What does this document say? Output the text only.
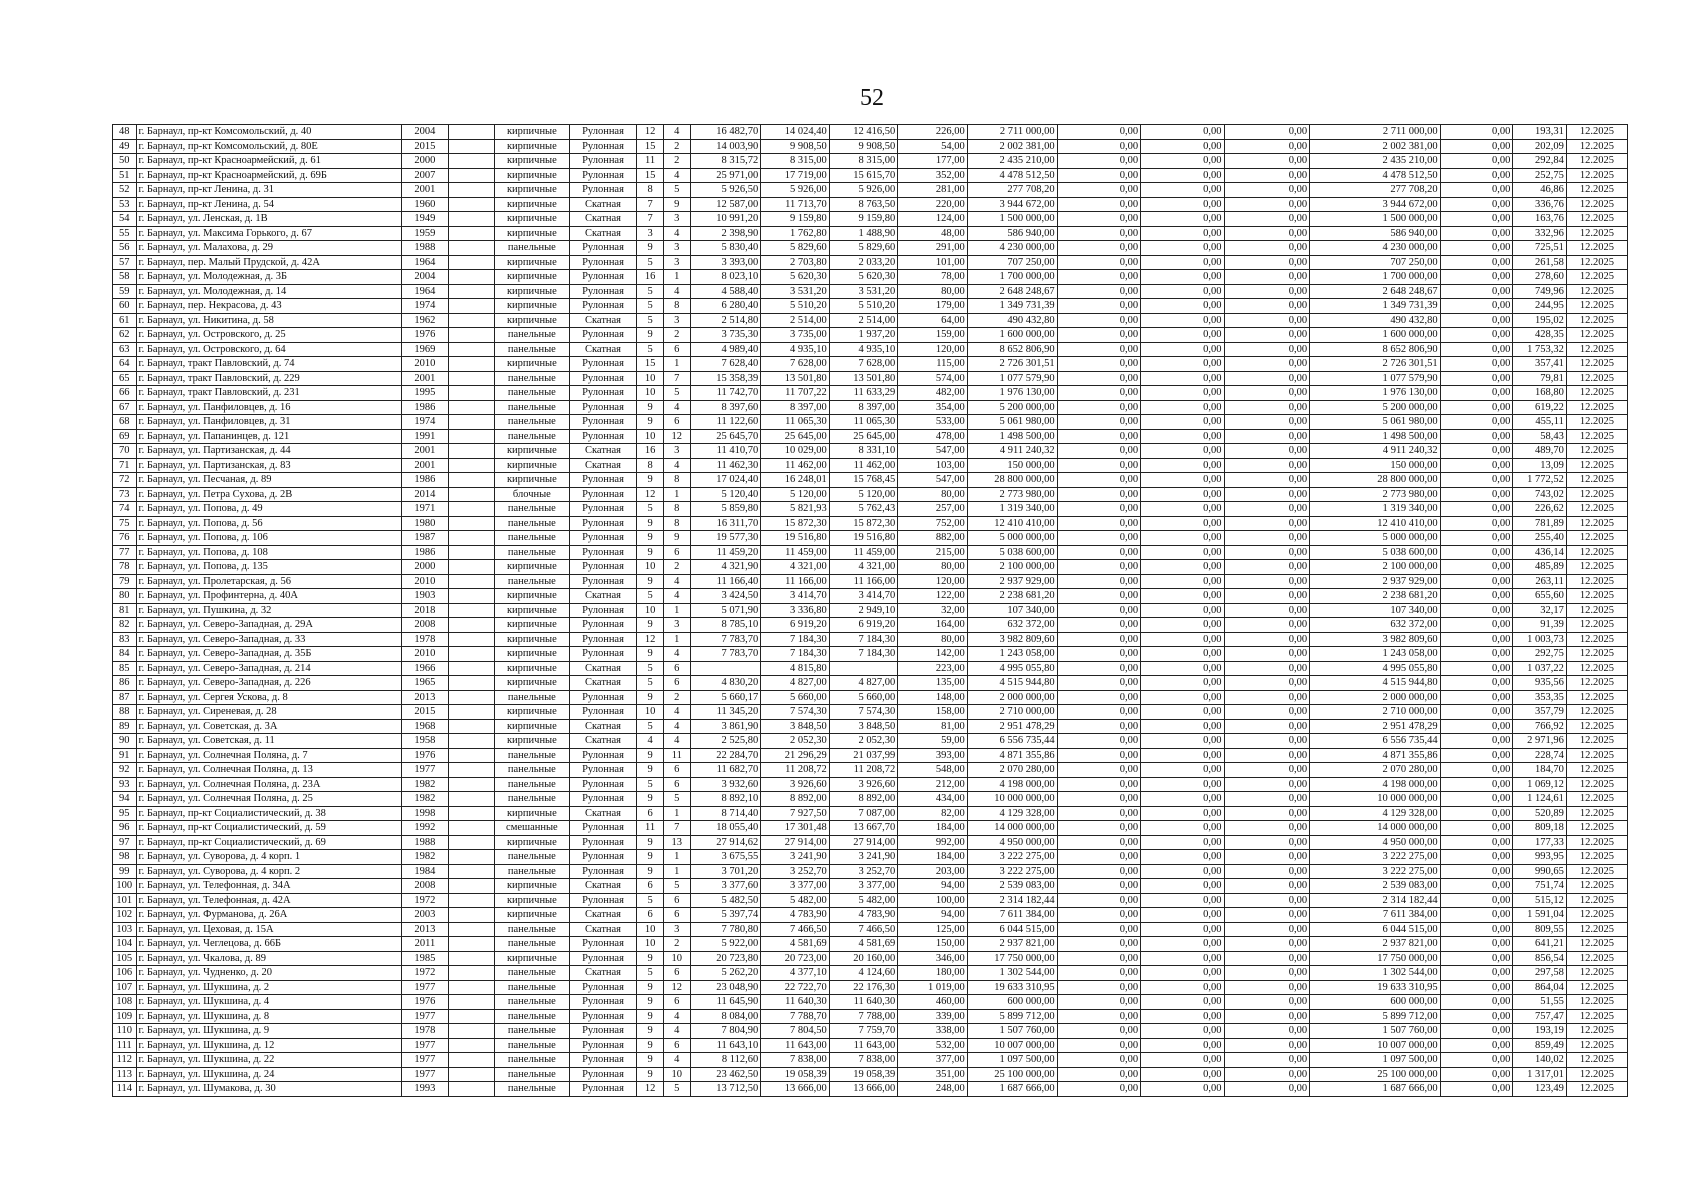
52
48	г. Барнаул, пр-кт Комсомольский, д. 40	2004		кирпичные	Рулонная	12	4	16 482,70	14 024,40	12 416,50	226,00	2 711 000,00	0,00	0,00	0,00	2 711 000,00	0,00	193,31	12.2025
49	г. Барнаул, пр-кт Комсомольский, д. 80Е	2015		кирпичные	Рулонная	15	2	14 003,90	9 908,50	9 908,50	54,00	2 002 381,00	0,00	0,00	0,00	2 002 381,00	0,00	202,09	12.2025
50	г. Барнаул, пр-кт Красноармейский, д. 61	2000		кирпичные	Рулонная	11	2	8 315,72	8 315,00	8 315,00	177,00	2 435 210,00	0,00	0,00	0,00	2 435 210,00	0,00	292,84	12.2025
51	г. Барнаул, пр-кт Красноармейский, д. 69Б	2007		кирпичные	Рулонная	15	4	25 971,00	17 719,00	15 615,70	352,00	4 478 512,50	0,00	0,00	0,00	4 478 512,50	0,00	252,75	12.2025
52	г. Барнаул, пр-кт Ленина, д. 31	2001		кирпичные	Рулонная	8	5	5 926,50	5 926,00	5 926,00	281,00	277 708,20	0,00	0,00	0,00	277 708,20	0,00	46,86	12.2025
53	г. Барнаул, пр-кт Ленина, д. 54	1960		кирпичные	Скатная	7	9	12 587,00	11 713,70	8 763,50	220,00	3 944 672,00	0,00	0,00	0,00	3 944 672,00	0,00	336,76	12.2025
54	г. Барнаул, ул. Ленская, д. 1В	1949		кирпичные	Скатная	7	3	10 991,20	9 159,80	9 159,80	124,00	1 500 000,00	0,00	0,00	0,00	1 500 000,00	0,00	163,76	12.2025
55	г. Барнаул, ул. Максима Горького, д. 67	1959		кирпичные	Скатная	3	4	2 398,90	1 762,80	1 488,90	48,00	586 940,00	0,00	0,00	0,00	586 940,00	0,00	332,96	12.2025
56	г. Барнаул, ул. Малахова, д. 29	1988		панельные	Рулонная	9	3	5 830,40	5 829,60	5 829,60	291,00	4 230 000,00	0,00	0,00	0,00	4 230 000,00	0,00	725,51	12.2025
57	г. Барнаул, пер. Малый Прудской, д. 42А	1964		кирпичные	Рулонная	5	3	3 393,00	2 703,80	2 033,20	101,00	707 250,00	0,00	0,00	0,00	707 250,00	0,00	261,58	12.2025
58	г. Барнаул, ул. Молодежная, д. 3Б	2004		кирпичные	Рулонная	16	1	8 023,10	5 620,30	5 620,30	78,00	1 700 000,00	0,00	0,00	0,00	1 700 000,00	0,00	278,60	12.2025
59	г. Барнаул, ул. Молодежная, д. 14	1964		кирпичные	Рулонная	5	4	4 588,40	3 531,20	3 531,20	80,00	2 648 248,67	0,00	0,00	0,00	2 648 248,67	0,00	749,96	12.2025
60	г. Барнаул, пер. Некрасова, д. 43	1974		кирпичные	Рулонная	5	8	6 280,40	5 510,20	5 510,20	179,00	1 349 731,39	0,00	0,00	0,00	1 349 731,39	0,00	244,95	12.2025
61	г. Барнаул, ул. Никитина, д. 58	1962		кирпичные	Скатная	5	3	2 514,80	2 514,00	2 514,00	64,00	490 432,80	0,00	0,00	0,00	490 432,80	0,00	195,02	12.2025
62	г. Барнаул, ул. Островского, д. 25	1976		панельные	Рулонная	9	2	3 735,30	3 735,00	1 937,20	159,00	1 600 000,00	0,00	0,00	0,00	1 600 000,00	0,00	428,35	12.2025
63	г. Барнаул, ул. Островского, д. 64	1969		панельные	Скатная	5	6	4 989,40	4 935,10	4 935,10	120,00	8 652 806,90	0,00	0,00	0,00	8 652 806,90	0,00	1 753,32	12.2025
64	г. Барнаул, тракт Павловский, д. 74	2010		кирпичные	Рулонная	15	1	7 628,40	7 628,00	7 628,00	115,00	2 726 301,51	0,00	0,00	0,00	2 726 301,51	0,00	357,41	12.2025
65	г. Барнаул, тракт Павловский, д. 229	2001		панельные	Рулонная	10	7	15 358,39	13 501,80	13 501,80	574,00	1 077 579,90	0,00	0,00	0,00	1 077 579,90	0,00	79,81	12.2025
66	г. Барнаул, тракт Павловский, д. 231	1995		панельные	Рулонная	10	5	11 742,70	11 707,22	11 633,29	482,00	1 976 130,00	0,00	0,00	0,00	1 976 130,00	0,00	168,80	12.2025
67	г. Барнаул, ул. Панфиловцев, д. 16	1986		панельные	Рулонная	9	4	8 397,60	8 397,00	8 397,00	354,00	5 200 000,00	0,00	0,00	0,00	5 200 000,00	0,00	619,22	12.2025
68	г. Барнаул, ул. Панфиловцев, д. 31	1974		панельные	Рулонная	9	6	11 122,60	11 065,30	11 065,30	533,00	5 061 980,00	0,00	0,00	0,00	5 061 980,00	0,00	455,11	12.2025
69	г. Барнаул, ул. Папанинцев, д. 121	1991		панельные	Рулонная	10	12	25 645,70	25 645,00	25 645,00	478,00	1 498 500,00	0,00	0,00	0,00	1 498 500,00	0,00	58,43	12.2025
70	г. Барнаул, ул. Партизанская, д. 44	2001		кирпичные	Скатная	16	3	11 410,70	10 029,00	8 331,10	547,00	4 911 240,32	0,00	0,00	0,00	4 911 240,32	0,00	489,70	12.2025
71	г. Барнаул, ул. Партизанская, д. 83	2001		кирпичные	Скатная	8	4	11 462,30	11 462,00	11 462,00	103,00	150 000,00	0,00	0,00	0,00	150 000,00	0,00	13,09	12.2025
72	г. Барнаул, ул. Песчаная, д. 89	1986		кирпичные	Рулонная	9	8	17 024,40	16 248,01	15 768,45	547,00	28 800 000,00	0,00	0,00	0,00	28 800 000,00	0,00	1 772,52	12.2025
73	г. Барнаул, ул. Петра Сухова, д. 2В	2014		блочные	Рулонная	12	1	5 120,40	5 120,00	5 120,00	80,00	2 773 980,00	0,00	0,00	0,00	2 773 980,00	0,00	743,02	12.2025
74	г. Барнаул, ул. Попова, д. 49	1971		панельные	Рулонная	5	8	5 859,80	5 821,93	5 762,43	257,00	1 319 340,00	0,00	0,00	0,00	1 319 340,00	0,00	226,62	12.2025
75	г. Барнаул, ул. Попова, д. 56	1980		панельные	Рулонная	9	8	16 311,70	15 872,30	15 872,30	752,00	12 410 410,00	0,00	0,00	0,00	12 410 410,00	0,00	781,89	12.2025
76	г. Барнаул, ул. Попова, д. 106	1987		панельные	Рулонная	9	9	19 577,30	19 516,80	19 516,80	882,00	5 000 000,00	0,00	0,00	0,00	5 000 000,00	0,00	255,40	12.2025
77	г. Барнаул, ул. Попова, д. 108	1986		панельные	Рулонная	9	6	11 459,20	11 459,00	11 459,00	215,00	5 038 600,00	0,00	0,00	0,00	5 038 600,00	0,00	436,14	12.2025
78	г. Барнаул, ул. Попова, д. 135	2000		кирпичные	Рулонная	10	2	4 321,90	4 321,00	4 321,00	80,00	2 100 000,00	0,00	0,00	0,00	2 100 000,00	0,00	485,89	12.2025
79	г. Барнаул, ул. Пролетарская, д. 56	2010		панельные	Рулонная	9	4	11 166,40	11 166,00	11 166,00	120,00	2 937 929,00	0,00	0,00	0,00	2 937 929,00	0,00	263,11	12.2025
80	г. Барнаул, ул. Профинтерна, д. 40А	1903		кирпичные	Скатная	5	4	3 424,50	3 414,70	3 414,70	122,00	2 238 681,20	0,00	0,00	0,00	2 238 681,20	0,00	655,60	12.2025
81	г. Барнаул, ул. Пушкина, д. 32	2018		кирпичные	Рулонная	10	1	5 071,90	3 336,80	2 949,10	32,00	107 340,00	0,00	0,00	0,00	107 340,00	0,00	32,17	12.2025
82	г. Барнаул, ул. Северо-Западная, д. 29А	2008		кирпичные	Рулонная	9	3	8 785,10	6 919,20	6 919,20	164,00	632 372,00	0,00	0,00	0,00	632 372,00	0,00	91,39	12.2025
83	г. Барнаул, ул. Северо-Западная, д. 33	1978		кирпичные	Рулонная	12	1	7 783,70	7 184,30	7 184,30	80,00	3 982 809,60	0,00	0,00	0,00	3 982 809,60	0,00	1 003,73	12.2025
84	г. Барнаул, ул. Северо-Западная, д. 35Б	2010		кирпичные	Рулонная	9	4	7 783,70	7 184,30	7 184,30	142,00	1 243 058,00	0,00	0,00	0,00	1 243 058,00	0,00	292,75	12.2025
85	г. Барнаул, ул. Северо-Западная, д. 214	1966		кирпичные	Скатная	5	6		4 815,80		223,00	4 995 055,80	0,00	0,00	0,00	4 995 055,80	0,00	1 037,22	12.2025
86	г. Барнаул, ул. Северо-Западная, д. 226	1965		кирпичные	Скатная	5	6	4 830,20	4 827,00	4 827,00	135,00	4 515 944,80	0,00	0,00	0,00	4 515 944,80	0,00	935,56	12.2025
87	г. Барнаул, ул. Сергея Ускова, д. 8	2013		панельные	Рулонная	9	2	5 660,17	5 660,00	5 660,00	148,00	2 000 000,00	0,00	0,00	0,00	2 000 000,00	0,00	353,35	12.2025
88	г. Барнаул, ул. Сиреневая, д. 28	2015		кирпичные	Рулонная	10	4	11 345,20	7 574,30	7 574,30	158,00	2 710 000,00	0,00	0,00	0,00	2 710 000,00	0,00	357,79	12.2025
89	г. Барнаул, ул. Советская, д. 3А	1968		кирпичные	Скатная	5	4	3 861,90	3 848,50	3 848,50	81,00	2 951 478,29	0,00	0,00	0,00	2 951 478,29	0,00	766,92	12.2025
90	г. Барнаул, ул. Советская, д. 11	1958		кирпичные	Скатная	4	4	2 525,80	2 052,30	2 052,30	59,00	6 556 735,44	0,00	0,00	0,00	6 556 735,44	0,00	2 971,96	12.2025
91	г. Барнаул, ул. Солнечная Поляна, д. 7	1976		панельные	Рулонная	9	11	22 284,70	21 296,29	21 037,99	393,00	4 871 355,86	0,00	0,00	0,00	4 871 355,86	0,00	228,74	12.2025
92	г. Барнаул, ул. Солнечная Поляна, д. 13	1977		панельные	Рулонная	9	6	11 682,70	11 208,72	11 208,72	548,00	2 070 280,00	0,00	0,00	0,00	2 070 280,00	0,00	184,70	12.2025
93	г. Барнаул, ул. Солнечная Поляна, д. 23А	1982		панельные	Рулонная	5	6	3 932,60	3 926,60	3 926,60	212,00	4 198 000,00	0,00	0,00	0,00	4 198 000,00	0,00	1 069,12	12.2025
94	г. Барнаул, ул. Солнечная Поляна, д. 25	1982		панельные	Рулонная	9	5	8 892,10	8 892,00	8 892,00	434,00	10 000 000,00	0,00	0,00	0,00	10 000 000,00	0,00	1 124,61	12.2025
95	г. Барнаул, пр-кт Социалистический, д. 38	1998		кирпичные	Скатная	6	1	8 714,40	7 927,50	7 087,00	82,00	4 129 328,00	0,00	0,00	0,00	4 129 328,00	0,00	520,89	12.2025
96	г. Барнаул, пр-кт Социалистический, д. 59	1992		смешанные	Рулонная	11	7	18 055,40	17 301,48	13 667,70	184,00	14 000 000,00	0,00	0,00	0,00	14 000 000,00	0,00	809,18	12.2025
97	г. Барнаул, пр-кт Социалистический, д. 69	1988		кирпичные	Рулонная	9	13	27 914,62	27 914,00	27 914,00	992,00	4 950 000,00	0,00	0,00	0,00	4 950 000,00	0,00	177,33	12.2025
98	г. Барнаул, ул. Суворова, д. 4 корп. 1	1982		панельные	Рулонная	9	1	3 675,55	3 241,90	3 241,90	184,00	3 222 275,00	0,00	0,00	0,00	3 222 275,00	0,00	993,95	12.2025
99	г. Барнаул, ул. Суворова, д. 4 корп. 2	1984		панельные	Рулонная	9	1	3 701,20	3 252,70	3 252,70	203,00	3 222 275,00	0,00	0,00	0,00	3 222 275,00	0,00	990,65	12.2025
100	г. Барнаул, ул. Телефонная, д. 34А	2008		кирпичные	Скатная	6	5	3 377,60	3 377,00	3 377,00	94,00	2 539 083,00	0,00	0,00	0,00	2 539 083,00	0,00	751,74	12.2025
101	г. Барнаул, ул. Телефонная, д. 42А	1972		кирпичные	Рулонная	5	6	5 482,50	5 482,00	5 482,00	100,00	2 314 182,44	0,00	0,00	0,00	2 314 182,44	0,00	515,12	12.2025
102	г. Барнаул, ул. Фурманова, д. 26А	2003		кирпичные	Скатная	6	6	5 397,74	4 783,90	4 783,90	94,00	7 611 384,00	0,00	0,00	0,00	7 611 384,00	0,00	1 591,04	12.2025
103	г. Барнаул, ул. Цеховая, д. 15А	2013		панельные	Скатная	10	3	7 780,80	7 466,50	7 466,50	125,00	6 044 515,00	0,00	0,00	0,00	6 044 515,00	0,00	809,55	12.2025
104	г. Барнаул, ул. Чеглецова, д. 66Б	2011		панельные	Рулонная	10	2	5 922,00	4 581,69	4 581,69	150,00	2 937 821,00	0,00	0,00	0,00	2 937 821,00	0,00	641,21	12.2025
105	г. Барнаул, ул. Чкалова, д. 89	1985		кирпичные	Рулонная	9	10	20 723,80	20 723,00	20 160,00	346,00	17 750 000,00	0,00	0,00	0,00	17 750 000,00	0,00	856,54	12.2025
106	г. Барнаул, ул. Чудненко, д. 20	1972		панельные	Скатная	5	6	5 262,20	4 377,10	4 124,60	180,00	1 302 544,00	0,00	0,00	0,00	1 302 544,00	0,00	297,58	12.2025
107	г. Барнаул, ул. Шукшина, д. 2	1977		панельные	Рулонная	9	12	23 048,90	22 722,70	22 176,30	1 019,00	19 633 310,95	0,00	0,00	0,00	19 633 310,95	0,00	864,04	12.2025
108	г. Барнаул, ул. Шукшина, д. 4	1976		панельные	Рулонная	9	6	11 645,90	11 640,30	11 640,30	460,00	600 000,00	0,00	0,00	0,00	600 000,00	0,00	51,55	12.2025
109	г. Барнаул, ул. Шукшина, д. 8	1977		панельные	Рулонная	9	4	8 084,00	7 788,70	7 788,00	339,00	5 899 712,00	0,00	0,00	0,00	5 899 712,00	0,00	757,47	12.2025
110	г. Барнаул, ул. Шукшина, д. 9	1978		панельные	Рулонная	9	4	7 804,90	7 804,50	7 759,70	338,00	1 507 760,00	0,00	0,00	0,00	1 507 760,00	0,00	193,19	12.2025
111	г. Барнаул, ул. Шукшина, д. 12	1977		панельные	Рулонная	9	6	11 643,10	11 643,00	11 643,00	532,00	10 007 000,00	0,00	0,00	0,00	10 007 000,00	0,00	859,49	12.2025
112	г. Барнаул, ул. Шукшина, д. 22	1977		панельные	Рулонная	9	4	8 112,60	7 838,00	7 838,00	377,00	1 097 500,00	0,00	0,00	0,00	1 097 500,00	0,00	140,02	12.2025
113	г. Барнаул, ул. Шукшина, д. 24	1977		панельные	Рулонная	9	10	23 462,50	19 058,39	19 058,39	351,00	25 100 000,00	0,00	0,00	0,00	25 100 000,00	0,00	1 317,01	12.2025
114	г. Барнаул, ул. Шумакова, д. 30	1993		панельные	Рулонная	12	5	13 712,50	13 666,00	13 666,00	248,00	1 687 666,00	0,00	0,00	0,00	1 687 666,00	0,00	123,49	12.2025
